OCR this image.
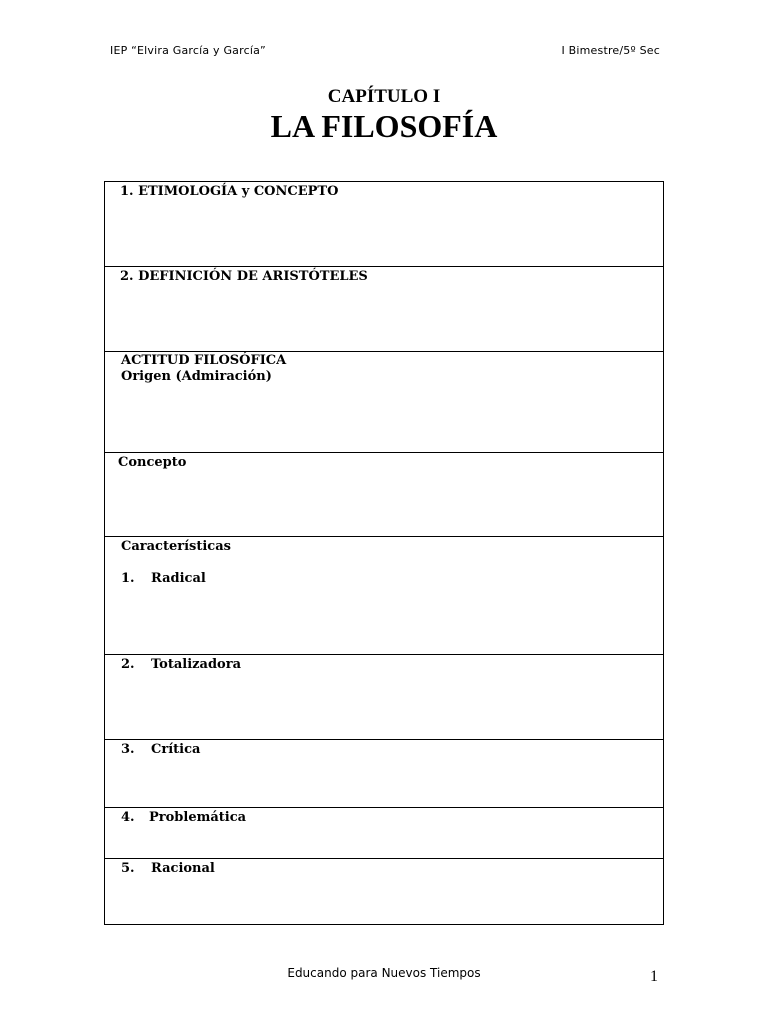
IEP “Elvira García y García”	I Bimestre/5º Sec
CAPÍTULO I
LA FILOSOFÍA
1. ETIMOLOGÍA y CONCEPTO
2. DEFINICIÓN DE ARISTÓTELES
ACTITUD FILOSÓFICA
Origen (Admiración)
Concepto
Características
1. Radical
2. Totalizadora
3. Crítica
4. Problemática
5. Racional
Educando para Nuevos Tiempos	1
